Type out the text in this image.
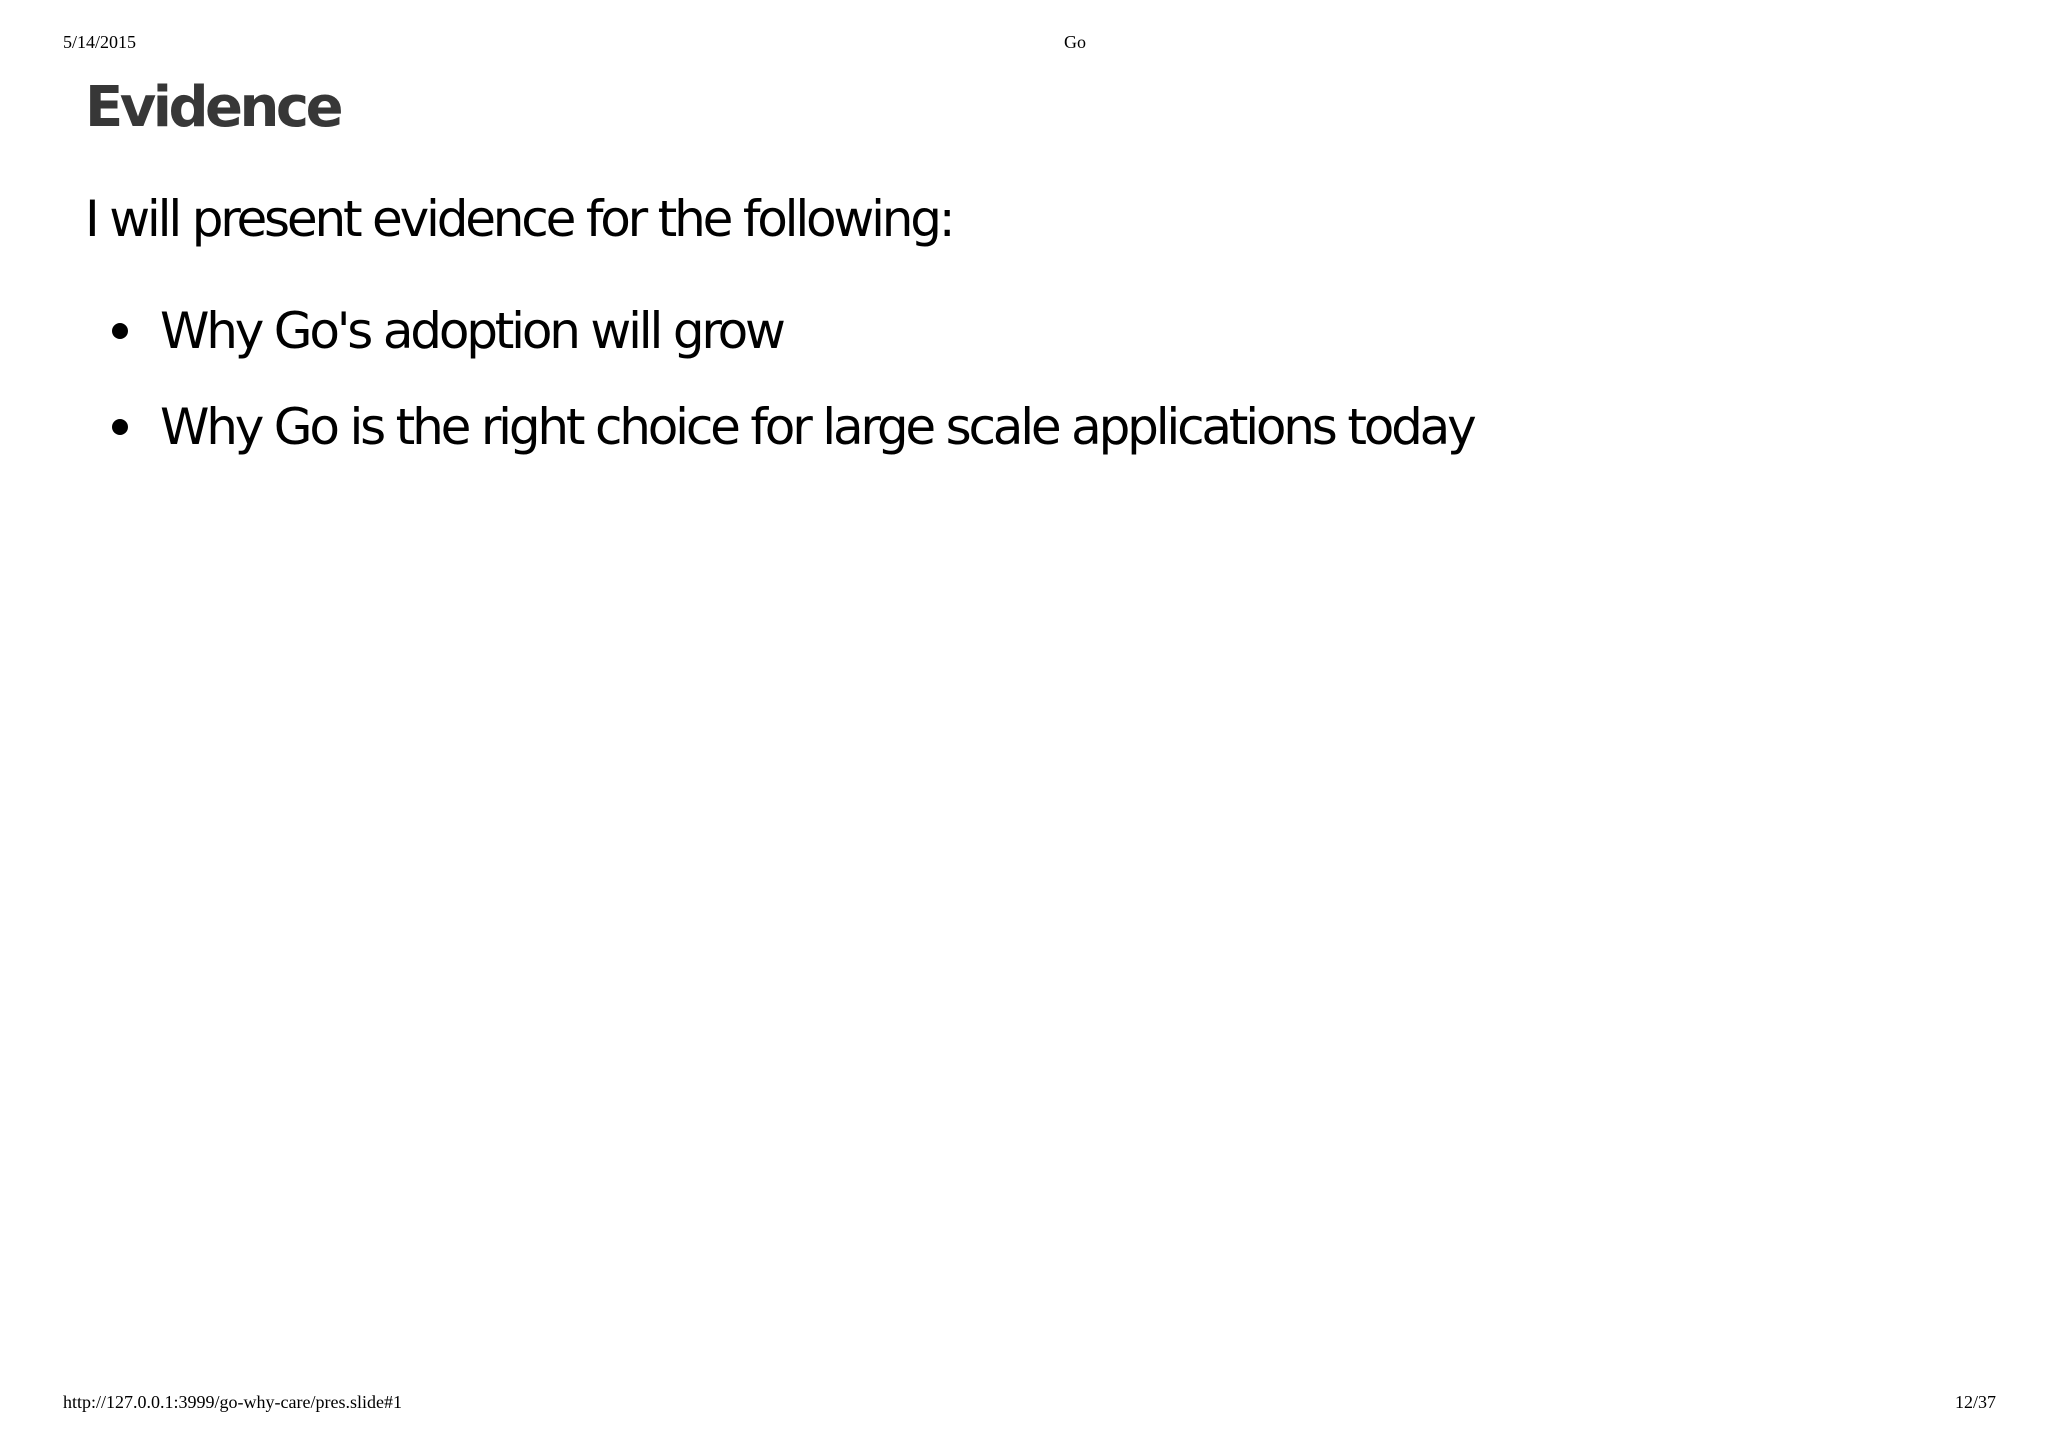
5/14/2015	Go
Evidence

I will present evidence for the following:

Why Go's adoption will grow
Why Go is the right choice for large scale applications today
http://127.0.0.1:3999/go-why-care/pres.slide#1	12/37
